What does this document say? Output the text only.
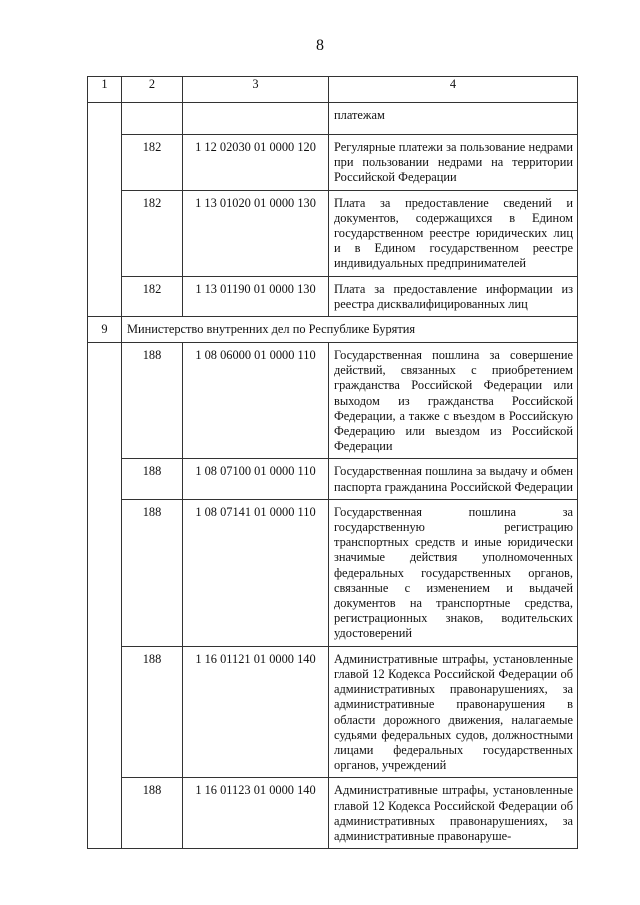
8
1	2	3	4
			платежам
	182	1 12 02030 01 0000 120	Регулярные платежи за пользование недрами при пользовании недрами на территории Российской Федерации
	182	1 13 01020 01 0000 130	Плата за предоставление сведений и документов, содержащихся в Едином государственном реестре юридических лиц и в Едином государственном реестре индивидуальных предпринимателей
	182	1 13 01190 01 0000 130	Плата за предоставление информации из реестра дисквалифицированных лиц
9	Министерство внутренних дел по Республике Бурятия		
	188	1 08 06000 01 0000 110	Государственная пошлина за совершение действий, связанных с приобретением гражданства Российской Федерации или выходом из гражданства Российской Федерации, а также с въездом в Российскую Федерацию или выездом из Российской Федерации
	188	1 08 07100 01 0000 110	Государственная пошлина за выдачу и обмен паспорта гражданина Российской Федерации
	188	1 08 07141 01 0000 110	Государственная пошлина за государственную регистрацию транспортных средств и иные юридически значимые действия уполномоченных федеральных государственных органов, связанные с изменением и выдачей документов на транспортные средства, регистрационных знаков, водительских удостоверений
	188	1 16 01121 01 0000 140	Административные штрафы, установленные главой 12 Кодекса Российской Федерации об административных правонарушениях, за административные правонарушения в области дорожного движения, налагаемые судьями федеральных судов, должностными лицами федеральных государственных органов, учреждений
	188	1 16 01123 01 0000 140	Административные штрафы, установленные главой 12 Кодекса Российской Федерации об административных правонарушениях, за административные правонаруше-
